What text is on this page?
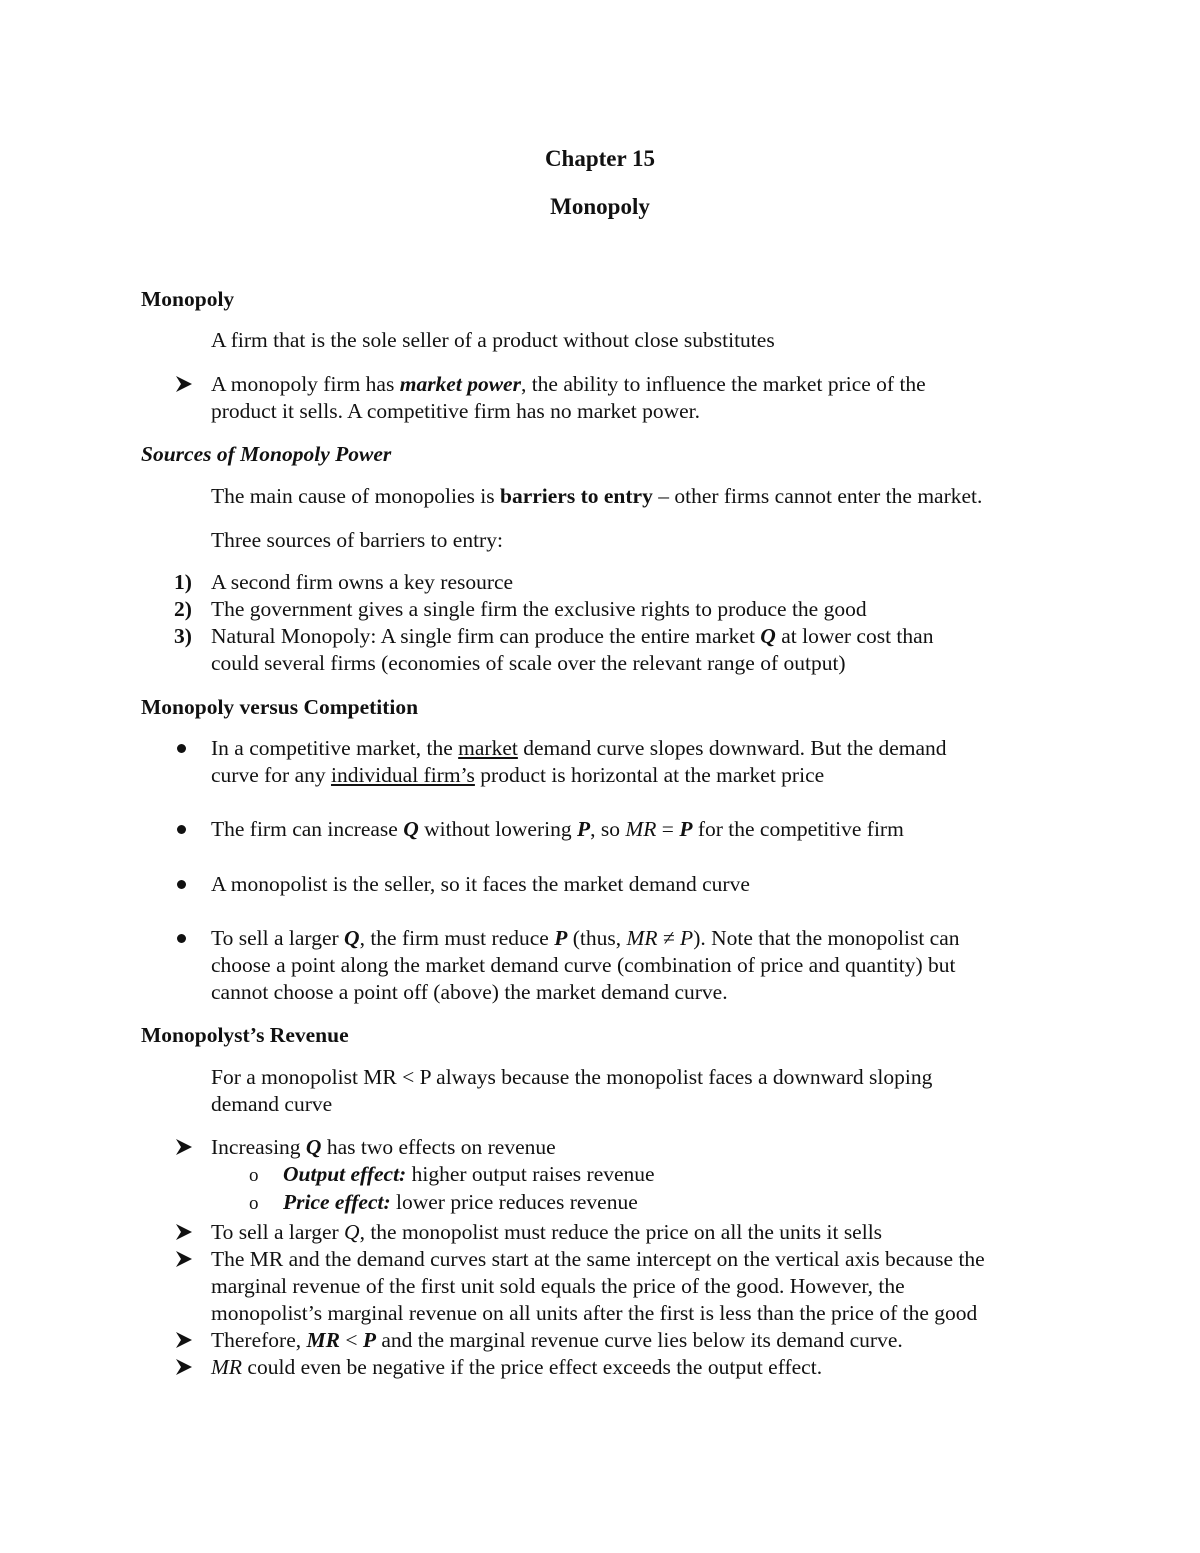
Chapter 15
Monopoly
Monopoly
A firm that is the sole seller of a product without close substitutes
A monopoly firm has market power, the ability to influence the market price of the
product it sells. A competitive firm has no market power.
Sources of Monopoly Power
The main cause of monopolies is barriers to entry – other firms cannot enter the market.
Three sources of barriers to entry:
1) A second firm owns a key resource
2) The government gives a single firm the exclusive rights to produce the good
3) Natural Monopoly: A single firm can produce the entire market Q at lower cost than
could several firms (economies of scale over the relevant range of output)
Monopoly versus Competition
In a competitive market, the market demand curve slopes downward. But the demand
curve for any individual firm’s product is horizontal at the market price
The firm can increase Q without lowering P, so MR = P for the competitive firm
A monopolist is the seller, so it faces the market demand curve
To sell a larger Q, the firm must reduce P (thus, MR ≠ P). Note that the monopolist can
choose a point along the market demand curve (combination of price and quantity) but
cannot choose a point off (above) the market demand curve.
Monopolyst’s Revenue
For a monopolist MR < P always because the monopolist faces a downward sloping
demand curve
Increasing Q has two effects on revenue
o Output effect: higher output raises revenue
o Price effect: lower price reduces revenue
To sell a larger Q, the monopolist must reduce the price on all the units it sells
The MR and the demand curves start at the same intercept on the vertical axis because the
marginal revenue of the first unit sold equals the price of the good. However, the
monopolist’s marginal revenue on all units after the first is less than the price of the good
Therefore, MR < P and the marginal revenue curve lies below its demand curve.
MR could even be negative if the price effect exceeds the output effect.
